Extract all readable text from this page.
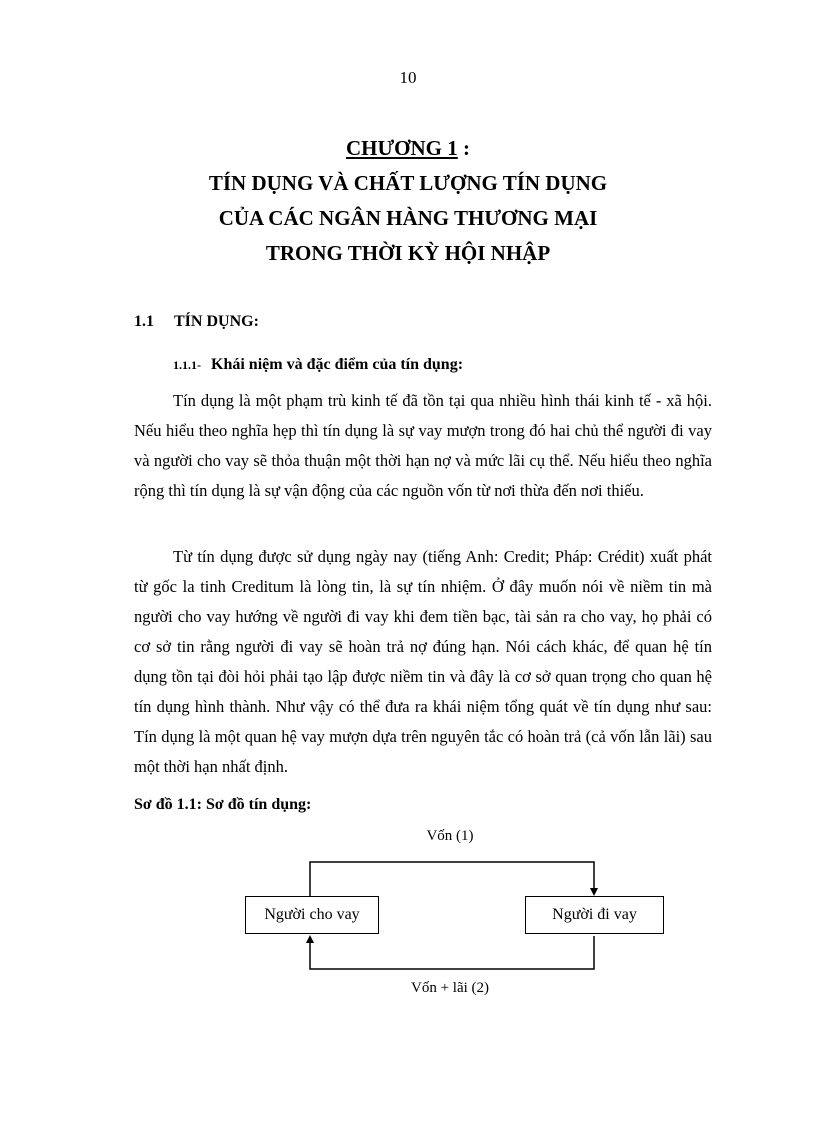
10
CHƯƠNG 1 :
TÍN DỤNG VÀ CHẤT LƯỢNG TÍN DỤNG
CỦA CÁC NGÂN HÀNG THƯƠNG MẠI
TRONG THỜI KỲ HỘI NHẬP
1.1 TÍN DỤNG:
1.1.1- Khái niệm và đặc điểm của tín dụng:

Tín dụng là một phạm trù kinh tế đã tồn tại qua nhiều hình thái kinh tế - xã hội. Nếu hiểu theo nghĩa hẹp thì tín dụng là sự vay mượn trong đó hai chủ thể người đi vay và người cho vay sẽ thỏa thuận một thời hạn nợ và mức lãi cụ thể. Nếu hiểu theo nghĩa rộng thì tín dụng là sự vận động của các nguồn vốn từ nơi thừa đến nơi thiếu.

Từ tín dụng được sử dụng ngày nay (tiếng Anh: Credit; Pháp: Crédit) xuất phát từ gốc la tinh Creditum là lòng tin, là sự tín nhiệm. Ở đây muốn nói về niềm tin mà người cho vay hướng về người đi vay khi đem tiền bạc, tài sản ra cho vay, họ phải có cơ sở tin rằng người đi vay sẽ hoàn trả nợ đúng hạn. Nói cách khác, để quan hệ tín dụng tồn tại đòi hỏi phải tạo lập được niềm tin và đây là cơ sở quan trọng cho quan hệ tín dụng hình thành. Như vậy có thể đưa ra khái niệm tổng quát về tín dụng như sau: Tín dụng là một quan hệ vay mượn dựa trên nguyên tắc có hoàn trả (cả vốn lẫn lãi) sau một thời hạn nhất định.

Sơ đồ 1.1: Sơ đồ tín dụng:
Vốn (1)
Người cho vay	Người đi vay
Vốn + lãi (2)
